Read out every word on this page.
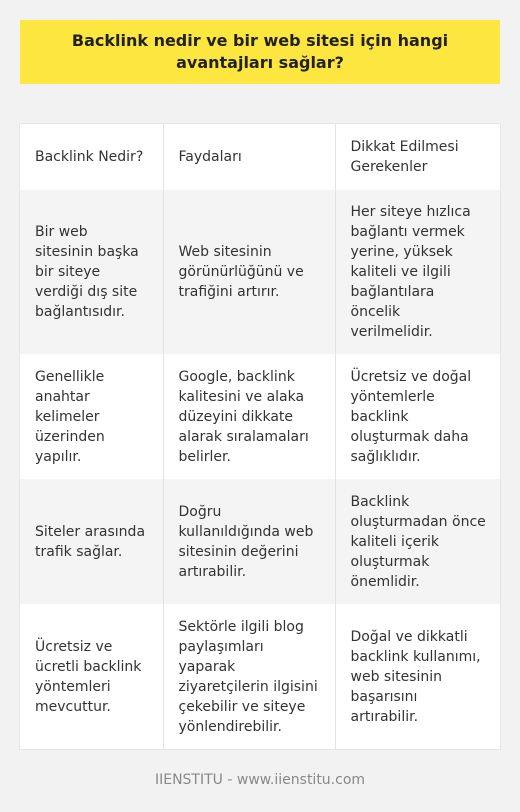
Backlink nedir ve bir web sitesi için hangi avantajları sağlar?
Backlink Nedir?	Faydaları	Dikkat Edilmesi Gerekenler
Bir web sitesinin başka bir siteye verdiği dış site bağlantısıdır.	Web sitesinin görünürlüğünü ve trafiğini artırır.	Her siteye hızlıca bağlantı vermek yerine, yüksek kaliteli ve ilgili bağlantılara öncelik verilmelidir.
Genellikle anahtar kelimeler üzerinden yapılır.	Google, backlink kalitesini ve alaka düzeyini dikkate alarak sıralamaları belirler.	Ücretsiz ve doğal yöntemlerle backlink oluşturmak daha sağlıklıdır.
Siteler arasında trafik sağlar.	Doğru kullanıldığında web sitesinin değerini artırabilir.	Backlink oluşturmadan önce kaliteli içerik oluşturmak önemlidir.
Ücretsiz ve ücretli backlink yöntemleri mevcuttur.	Sektörle ilgili blog paylaşımları yaparak ziyaretçilerin ilgisini çekebilir ve siteye yönlendirebilir.	Doğal ve dikkatli backlink kullanımı, web sitesinin başarısını artırabilir.
IIENSTITU - www.iienstitu.com
